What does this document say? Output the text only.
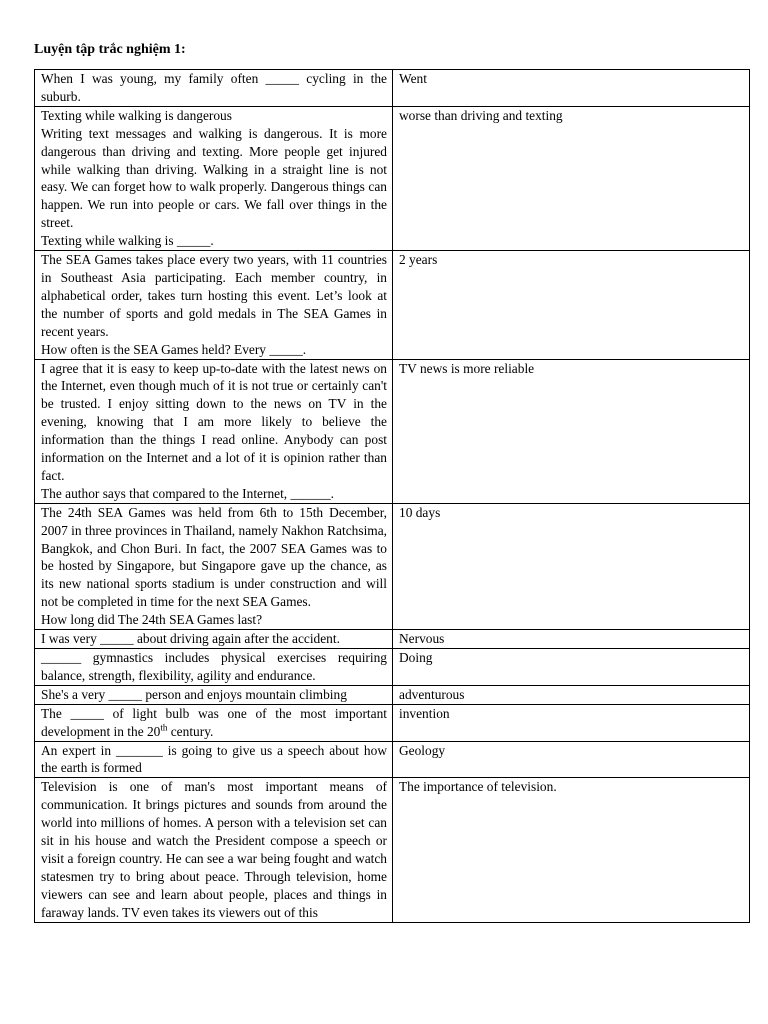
Luyện tập trắc nghiệm 1:
When I was young, my family often _____ cycling in the suburb.	Went

Texting while walking is dangerous
Writing text messages and walking is dangerous. It is more dangerous than driving and texting. More people get injured while walking than driving. Walking in a straight line is not easy. We can forget how to walk properly. Dangerous things can happen. We run into people or cars. We fall over things in the street.
Texting while walking is _____.	worse than driving and texting

The SEA Games takes place every two years, with 11 countries in Southeast Asia participating. Each member country, in alphabetical order, takes turn hosting this event. Let’s look at the number of sports and gold medals in The SEA Games in recent years.
How often is the SEA Games held? Every _____.	2 years

I agree that it is easy to keep up-to-date with the latest news on the Internet, even though much of it is not true or certainly can't be trusted. I enjoy sitting down to the news on TV in the evening, knowing that I am more likely to believe the information than the things I read online. Anybody can post information on the Internet and a lot of it is opinion rather than fact.
The author says that compared to the Internet, ______.	TV news is more reliable

The 24th SEA Games was held from 6th to 15th December, 2007 in three provinces in Thailand, namely Nakhon Ratchsima, Bangkok, and Chon Buri. In fact, the 2007 SEA Games was to be hosted by Singapore, but Singapore gave up the chance, as its new national sports stadium is under construction and will not be completed in time for the next SEA Games.
How long did The 24th SEA Games last?	10 days

I was very _____ about driving again after the accident.	Nervous

______ gymnastics includes physical exercises requiring balance, strength, flexibility, agility and endurance.	Doing

She's a very _____ person and enjoys mountain climbing	adventurous

The _____ of light bulb was one of the most important development in the 20th century.	invention

An expert in _______ is going to give us a speech about how the earth is formed	Geology

Television is one of man's most important means of communication. It brings pictures and sounds from around the world into millions of homes. A person with a television set can sit in his house and watch the President compose a speech or visit a foreign country. He can see a war being fought and watch statesmen try to bring about peace. Through television, home viewers can see and learn about people, places and things in faraway lands. TV even takes its viewers out of this	The importance of television.
